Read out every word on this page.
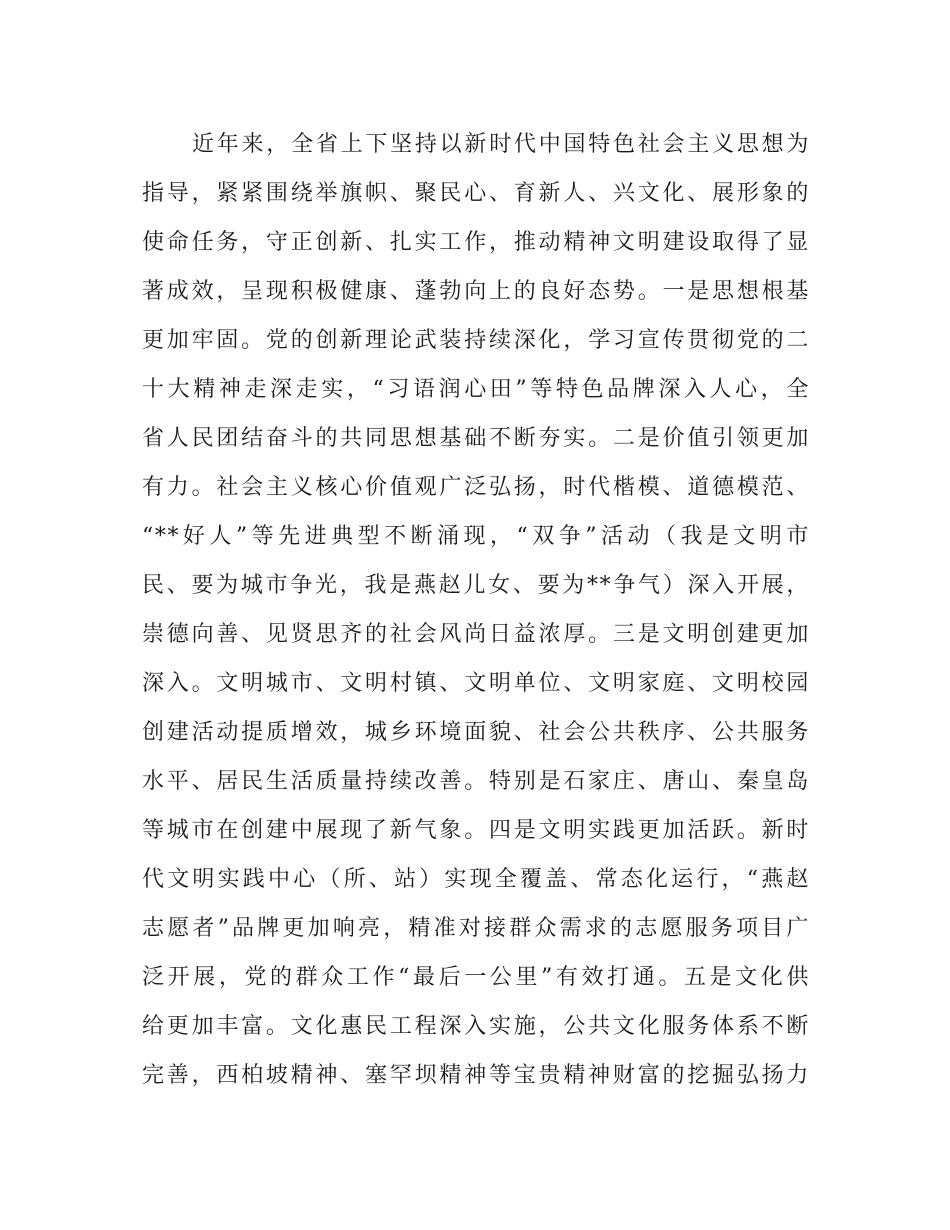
近年来，全省上下坚持以新时代中国特色社会主义思想为
指导，紧紧围绕举旗帜、聚民心、育新人、兴文化、展形象的
使命任务，守正创新、扎实工作，推动精神文明建设取得了显
著成效，呈现积极健康、蓬勃向上的良好态势。一是思想根基
更加牢固。党的创新理论武装持续深化，学习宣传贯彻党的二
十大精神走深走实，“习语润心田”等特色品牌深入人心，全
省人民团结奋斗的共同思想基础不断夯实。二是价值引领更加
有力。社会主义核心价值观广泛弘扬，时代楷模、道德模范、
“**好人”等先进典型不断涌现，“双争”活动（我是文明市
民、要为城市争光，我是燕赵儿女、要为**争气）深入开展，
崇德向善、见贤思齐的社会风尚日益浓厚。三是文明创建更加
深入。文明城市、文明村镇、文明单位、文明家庭、文明校园
创建活动提质增效，城乡环境面貌、社会公共秩序、公共服务
水平、居民生活质量持续改善。特别是石家庄、唐山、秦皇岛
等城市在创建中展现了新气象。四是文明实践更加活跃。新时
代文明实践中心（所、站）实现全覆盖、常态化运行，“燕赵
志愿者”品牌更加响亮，精准对接群众需求的志愿服务项目广
泛开展，党的群众工作“最后一公里”有效打通。五是文化供
给更加丰富。文化惠民工程深入实施，公共文化服务体系不断
完善，西柏坡精神、塞罕坝精神等宝贵精神财富的挖掘弘扬力
